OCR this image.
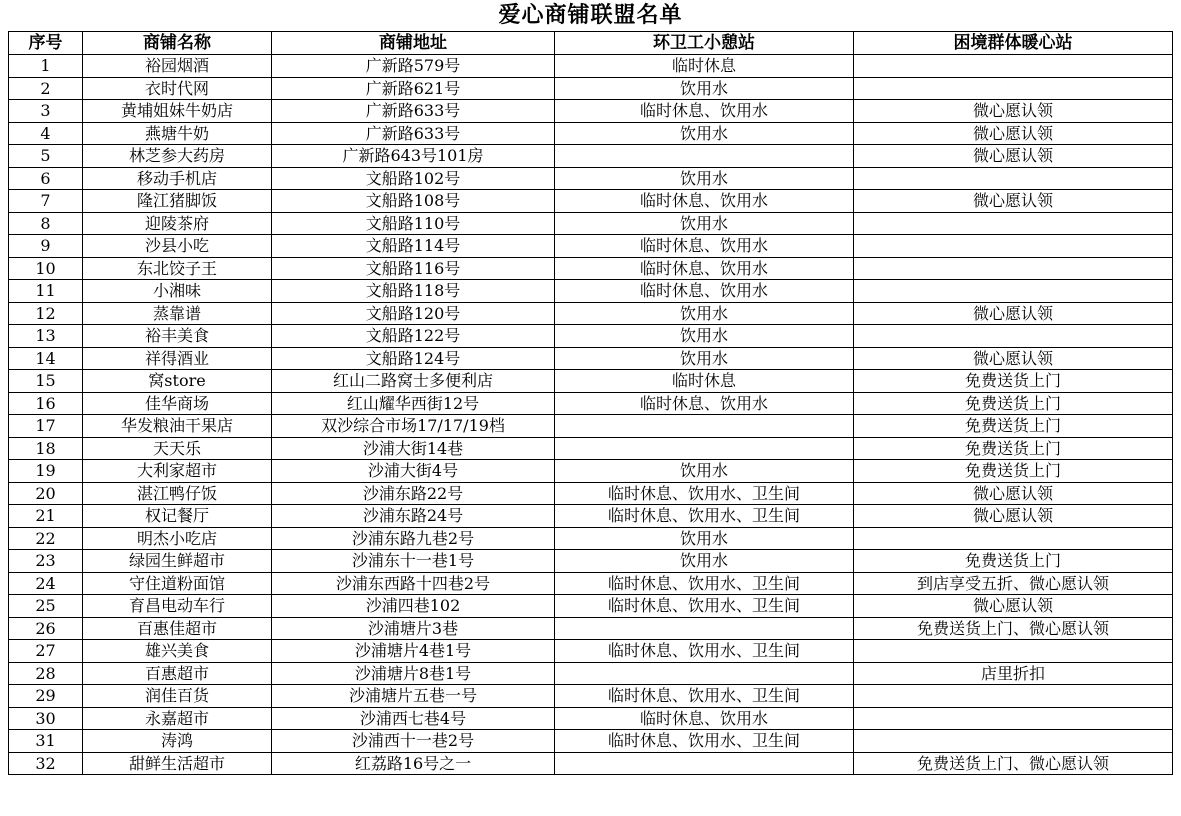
爱心商铺联盟名单
序号	商铺名称	商铺地址	环卫工小憩站	困境群体暖心站
1	裕园烟酒	广新路579号	临时休息	
2	衣时代网	广新路621号	饮用水	
3	黄埔姐妹牛奶店	广新路633号	临时休息、饮用水	微心愿认领
4	燕塘牛奶	广新路633号	饮用水	微心愿认领
5	林芝参大药房	广新路643号101房		微心愿认领
6	移动手机店	文船路102号	饮用水	
7	隆江猪脚饭	文船路108号	临时休息、饮用水	微心愿认领
8	迎陵茶府	文船路110号	饮用水	
9	沙县小吃	文船路114号	临时休息、饮用水	
10	东北饺子王	文船路116号	临时休息、饮用水	
11	小湘味	文船路118号	临时休息、饮用水	
12	蒸靠谱	文船路120号	饮用水	微心愿认领
13	裕丰美食	文船路122号	饮用水	
14	祥得酒业	文船路124号	饮用水	微心愿认领
15	窝store	红山二路窝士多便利店	临时休息	免费送货上门
16	佳华商场	红山耀华西街12号	临时休息、饮用水	免费送货上门
17	华发粮油干果店	双沙综合市场17/17/19档		免费送货上门
18	天天乐	沙浦大街14巷		免费送货上门
19	大利家超市	沙浦大街4号	饮用水	免费送货上门
20	湛江鸭仔饭	沙浦东路22号	临时休息、饮用水、卫生间	微心愿认领
21	权记餐厅	沙浦东路24号	临时休息、饮用水、卫生间	微心愿认领
22	明杰小吃店	沙浦东路九巷2号	饮用水	
23	绿园生鲜超市	沙浦东十一巷1号	饮用水	免费送货上门
24	守住道粉面馆	沙浦东西路十四巷2号	临时休息、饮用水、卫生间	到店享受五折、微心愿认领
25	育昌电动车行	沙浦四巷102	临时休息、饮用水、卫生间	微心愿认领
26	百惠佳超市	沙浦塘片3巷		免费送货上门、微心愿认领
27	雄兴美食	沙浦塘片4巷1号	临时休息、饮用水、卫生间	
28	百惠超市	沙浦塘片8巷1号		店里折扣
29	润佳百货	沙浦塘片五巷一号	临时休息、饮用水、卫生间	
30	永嘉超市	沙浦西七巷4号	临时休息、饮用水	
31	涛鸿	沙浦西十一巷2号	临时休息、饮用水、卫生间	
32	甜鲜生活超市	红荔路16号之一		免费送货上门、微心愿认领
